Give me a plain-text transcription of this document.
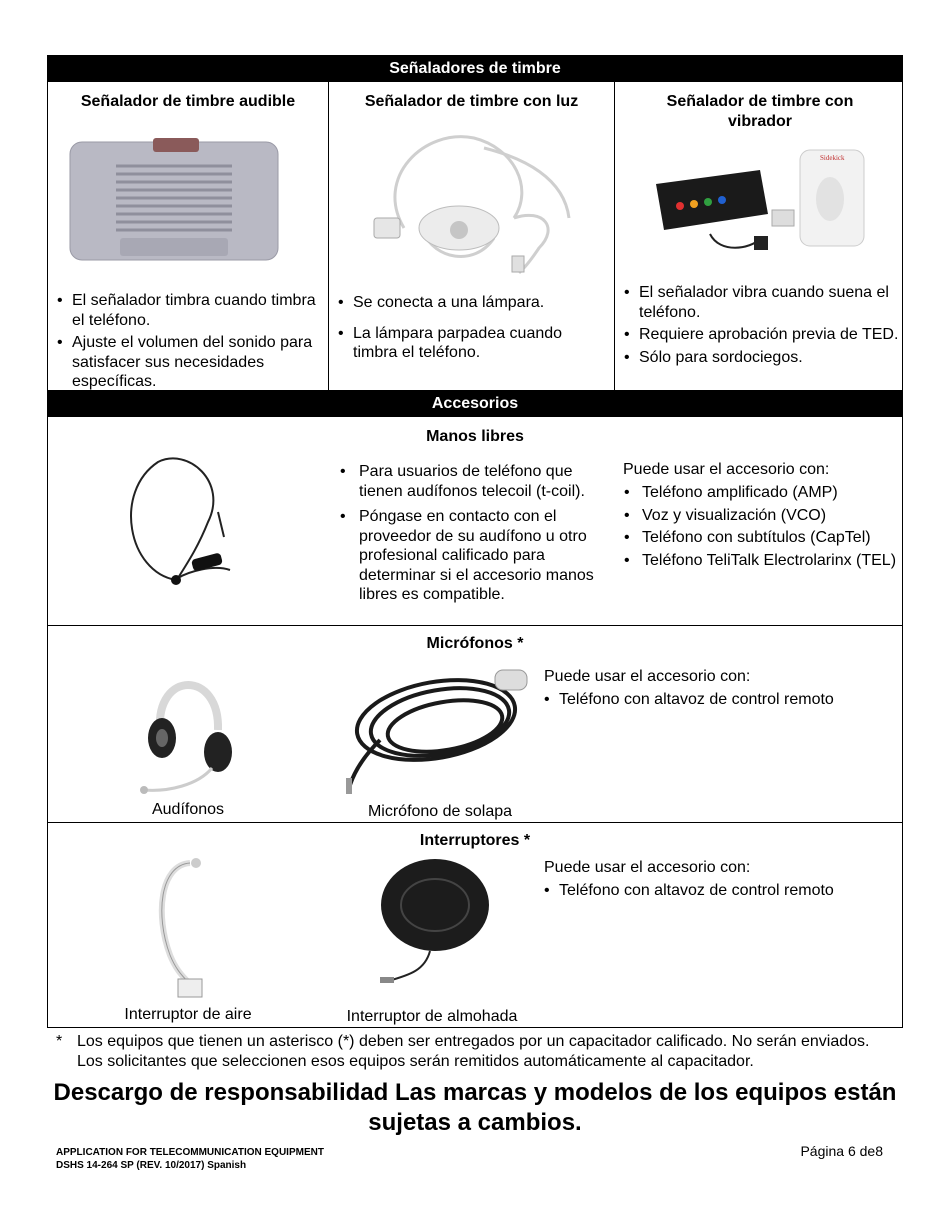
Señaladores de timbre
Accesorios
Señalador de timbre audible
• El señalador timbra cuando timbra el teléfono.
• Ajuste el volumen del sonido para satisfacer sus necesidades específicas.
Señalador de timbre con luz
• Se conecta a una lámpara.
• La lámpara parpadea cuando timbra el teléfono.
Señalador de timbre con vibrador
Sidekick
• El señalador vibra cuando suena el teléfono.
• Requiere aprobación previa de TED.
• Sólo para sordociegos.
Manos libres
• Para usuarios de teléfono que tienen audífonos telecoil (t-coil).
• Póngase en contacto con el proveedor de su audífono u otro profesional calificado para determinar si el accesorio manos libres es compatible.
Puede usar el accesorio con:
• Teléfono amplificado (AMP)
• Voz y visualización (VCO)
• Teléfono con subtítulos (CapTel)
• Teléfono TeliTalk Electrolarinx (TEL)
Micrófonos *
Audífonos	Micrófono de solapa
Puede usar el accesorio con:
• Teléfono con altavoz de control remoto
Interruptores *
Interruptor de aire	Interruptor de almohada
Puede usar el accesorio con:
• Teléfono con altavoz de control remoto
* Los equipos que tienen un asterisco (*) deben ser entregados por un capacitador calificado. No serán enviados. Los solicitantes que seleccionen esos equipos serán remitidos automáticamente al capacitador.
Descargo de responsabilidad Las marcas y modelos de los equipos están sujetas a cambios.
APPLICATION FOR TELECOMMUNICATION EQUIPMENT
DSHS 14-264 SP (REV. 10/2017) Spanish
Página 6 de8
